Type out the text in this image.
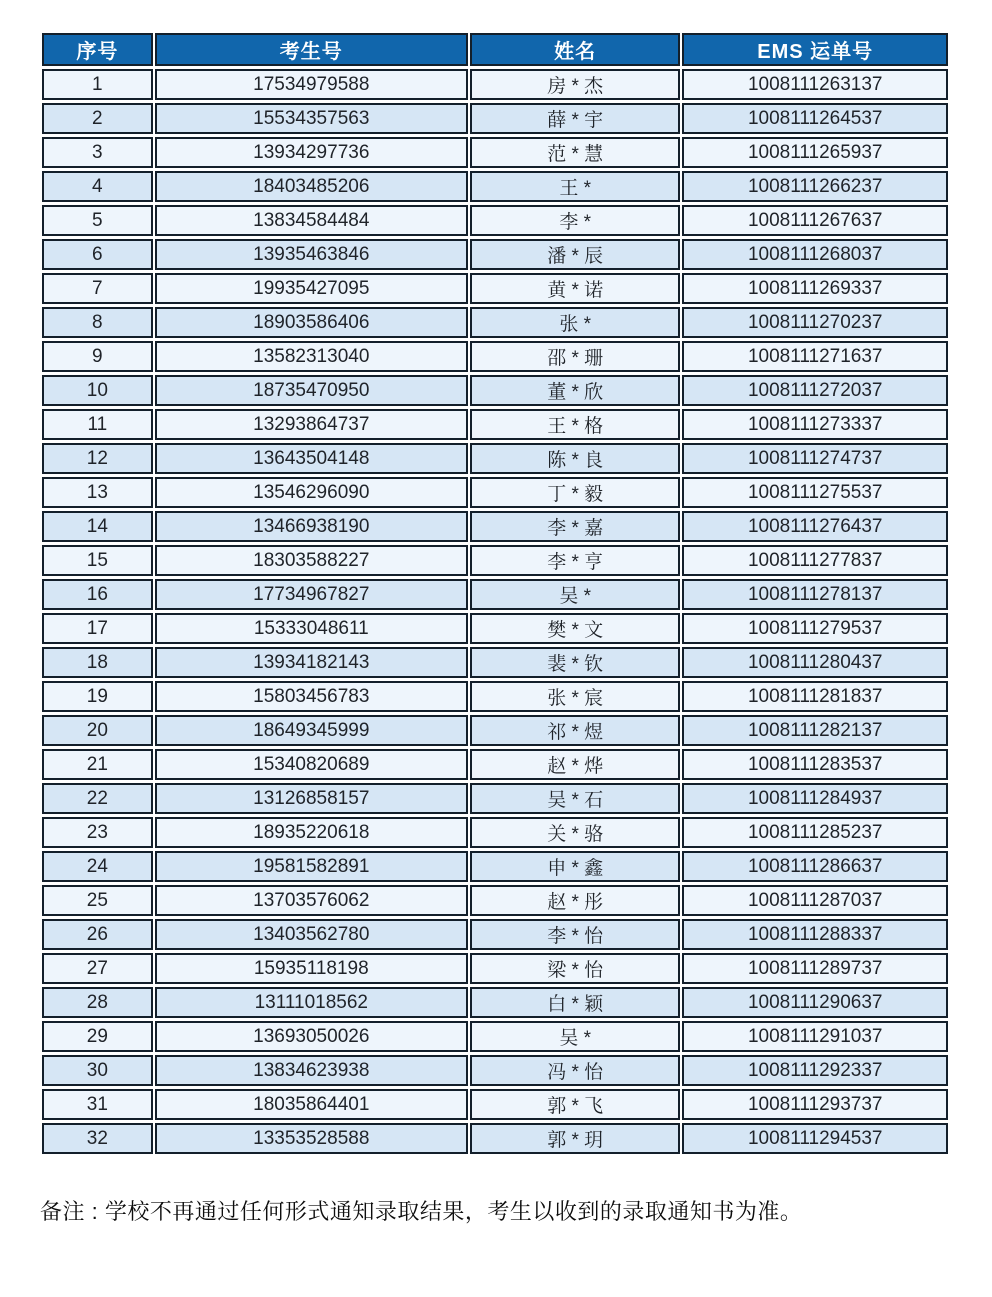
序号	考生号	姓名	EMS 运单号
1	17534979588	房 * 杰	1008111263137
2	15534357563	薛 * 宇	1008111264537
3	13934297736	范 * 慧	1008111265937
4	18403485206	王 *	1008111266237
5	13834584484	李 *	1008111267637
6	13935463846	潘 * 辰	1008111268037
7	19935427095	黄 * 诺	1008111269337
8	18903586406	张 *	1008111270237
9	13582313040	邵 * 珊	1008111271637
10	18735470950	董 * 欣	1008111272037
11	13293864737	王 * 格	1008111273337
12	13643504148	陈 * 良	1008111274737
13	13546296090	丁 * 毅	1008111275537
14	13466938190	李 * 嘉	1008111276437
15	18303588227	李 * 亨	1008111277837
16	17734967827	吴 *	1008111278137
17	15333048611	樊 * 文	1008111279537
18	13934182143	裴 * 钦	1008111280437
19	15803456783	张 * 宸	1008111281837
20	18649345999	祁 * 煜	1008111282137
21	15340820689	赵 * 烨	1008111283537
22	13126858157	吴 * 石	1008111284937
23	18935220618	关 * 骆	1008111285237
24	19581582891	申 * 鑫	1008111286637
25	13703576062	赵 * 彤	1008111287037
26	13403562780	李 * 怡	1008111288337
27	15935118198	梁 * 怡	1008111289737
28	13111018562	白 * 颖	1008111290637
29	13693050026	吴 *	1008111291037
30	13834623938	冯 * 怡	1008111292337
31	18035864401	郭 * 飞	1008111293737
32	13353528588	郭 * 玥	1008111294537

备注 : 学校不再通过任何形式通知录取结果，考生以收到的录取通知书为准。
